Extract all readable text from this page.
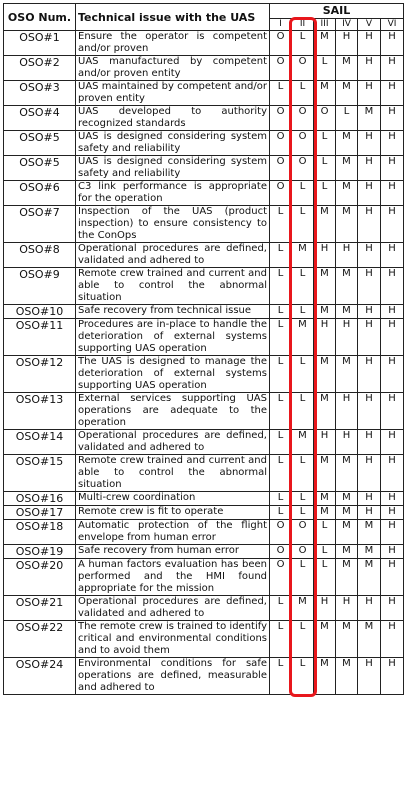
OSO Num.	Technical issue with the UAS	SAIL					
		I	II	III	IV	V	VI
OSO#1	Ensure the operator is competent and/or proven	O	L	M	H	H	H
OSO#2	UAS manufactured by competent and/or proven entity	O	O	L	M	H	H
OSO#3	UAS maintained by competent and/or proven entity	L	L	M	M	H	H
OSO#4	UAS developed to authority recognized standards	O	O	O	L	M	H
OSO#5	UAS is designed considering system safety and reliability	O	O	L	M	H	H
OSO#5	UAS is designed considering system safety and reliability	O	O	L	M	H	H
OSO#6	C3 link performance is appropriate for the operation	O	L	L	M	H	H
OSO#7	Inspection of the UAS (product inspection) to ensure consistency to the ConOps	L	L	M	M	H	H
OSO#8	Operational procedures are defined, validated and adhered to	L	M	H	H	H	H
OSO#9	Remote crew trained and current and able to control the abnormal situation	L	L	M	M	H	H
OSO#10	Safe recovery from technical issue	L	L	M	M	H	H
OSO#11	Procedures are in-place to handle the deterioration of external systems supporting UAS operation	L	M	H	H	H	H
OSO#12	The UAS is designed to manage the deterioration of external systems supporting UAS operation	L	L	M	M	H	H
OSO#13	External services supporting UAS operations are adequate to the operation	L	L	M	H	H	H
OSO#14	Operational procedures are defined, validated and adhered to	L	M	H	H	H	H
OSO#15	Remote crew trained and current and able to control the abnormal situation	L	L	M	M	H	H
OSO#16	Multi-crew coordination	L	L	M	M	H	H
OSO#17	Remote crew is fit to operate	L	L	M	M	H	H
OSO#18	Automatic protection of the flight envelope from human error	O	O	L	M	M	H
OSO#19	Safe recovery from human error	O	O	L	M	M	H
OSO#20	A human factors evaluation has been performed and the HMI found appropriate for the mission	O	L	L	M	M	H
OSO#21	Operational procedures are defined, validated and adhered to	L	M	H	H	H	H
OSO#22	The remote crew is trained to identify critical and environmental conditions and to avoid them	L	L	M	M	M	H
OSO#24	Environmental conditions for safe operations are defined, measurable and adhered to	L	L	M	M	H	H
